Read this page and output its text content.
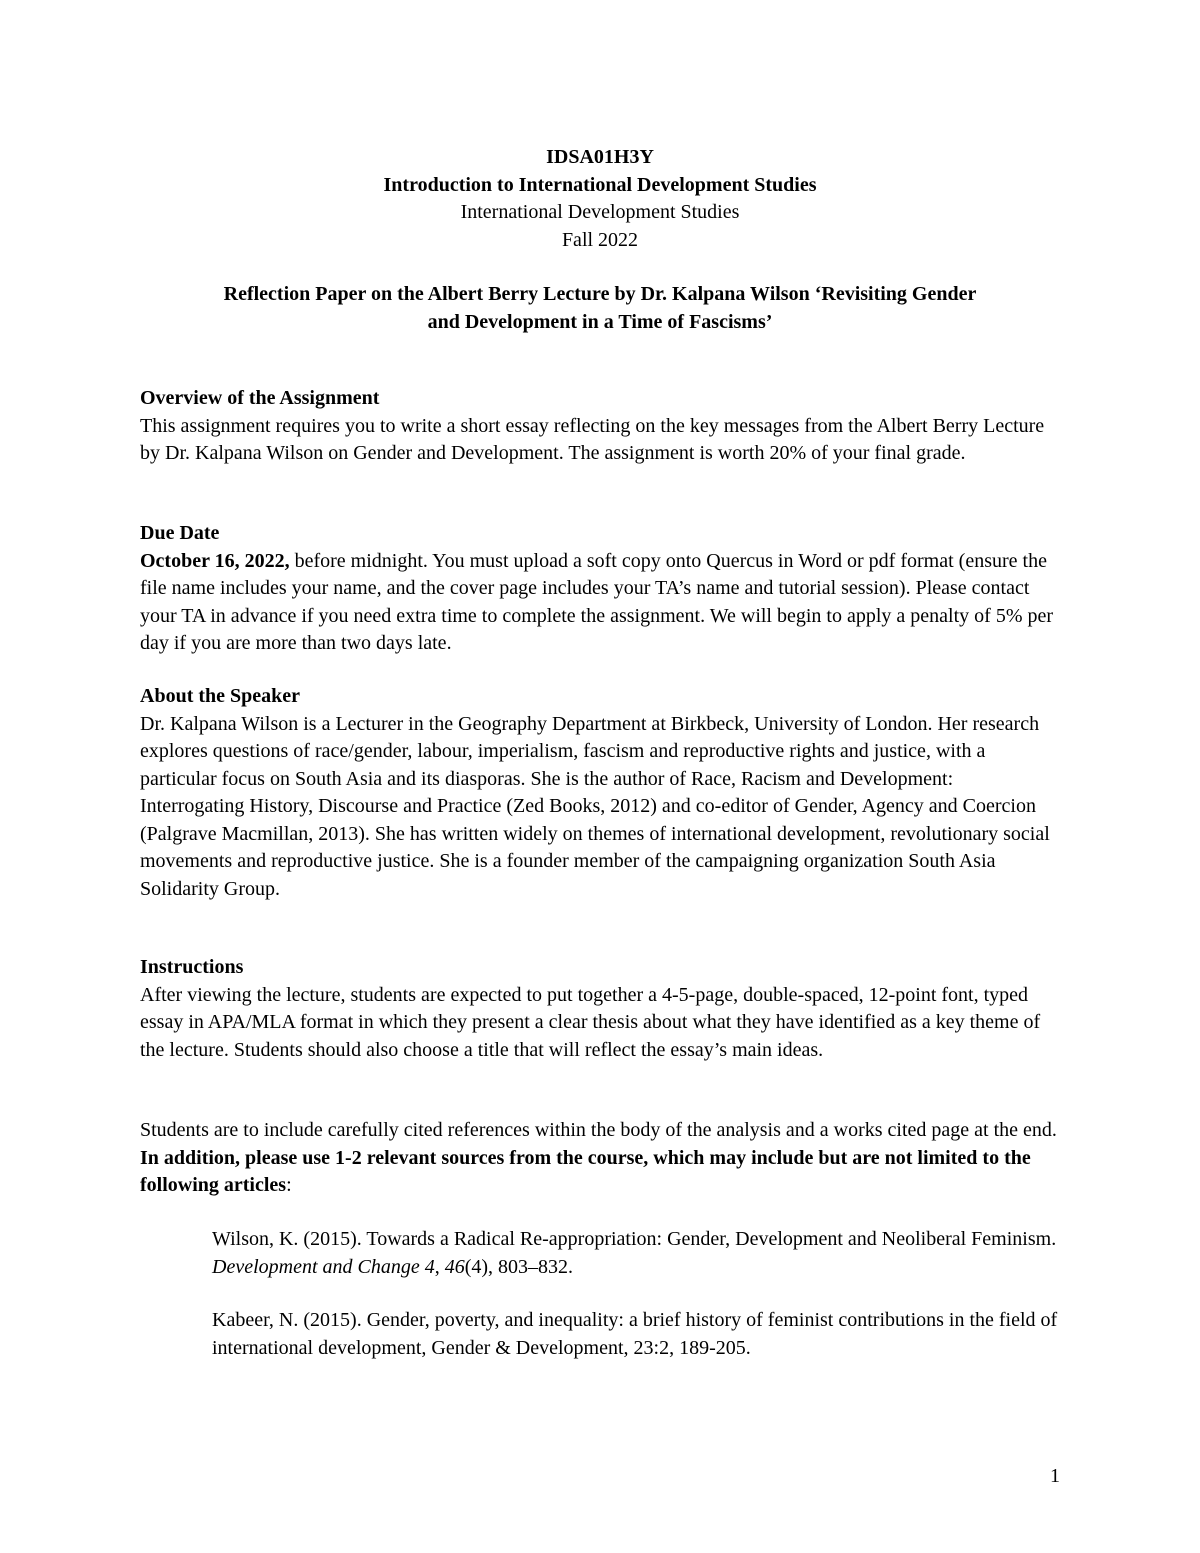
IDSA01H3Y
Introduction to International Development Studies
International Development Studies
Fall 2022
Reflection Paper on the Albert Berry Lecture by Dr. Kalpana Wilson ‘Revisiting Gender
and Development in a Time of Fascisms’
Overview of the Assignment

This assignment requires you to write a short essay reflecting on the key messages from the Albert Berry Lecture by Dr. Kalpana Wilson on Gender and Development. The assignment is worth 20% of your final grade.

Due Date

October 16, 2022, before midnight. You must upload a soft copy onto Quercus in Word or pdf format (ensure the file name includes your name, and the cover page includes your TA’s name and tutorial session). Please contact your TA in advance if you need extra time to complete the assignment. We will begin to apply a penalty of 5% per day if you are more than two days late.

About the Speaker

Dr. Kalpana Wilson is a Lecturer in the Geography Department at Birkbeck, University of London. Her research explores questions of race/gender, labour, imperialism, fascism and reproductive rights and justice, with a particular focus on South Asia and its diasporas. She is the author of Race, Racism and Development: Interrogating History, Discourse and Practice (Zed Books, 2012) and co-editor of Gender, Agency and Coercion (Palgrave Macmillan, 2013). She has written widely on themes of international development, revolutionary social movements and reproductive justice. She is a founder member of the campaigning organization South Asia Solidarity Group.

Instructions

After viewing the lecture, students are expected to put together a 4-5-page, double-spaced, 12-point font, typed essay in APA/MLA format in which they present a clear thesis about what they have identified as a key theme of the lecture. Students should also choose a title that will reflect the essay’s main ideas.

Students are to include carefully cited references within the body of the analysis and a works cited page at the end. In addition, please use 1-2 relevant sources from the course, which may include but are not limited to the following articles:

Wilson, K. (2015). Towards a Radical Re-appropriation: Gender, Development and Neoliberal Feminism. Development and Change 4, 46(4), 803–832.

Kabeer, N. (2015). Gender, poverty, and inequality: a brief history of feminist contributions in the field of international development, Gender & Development, 23:2, 189-205.

1
